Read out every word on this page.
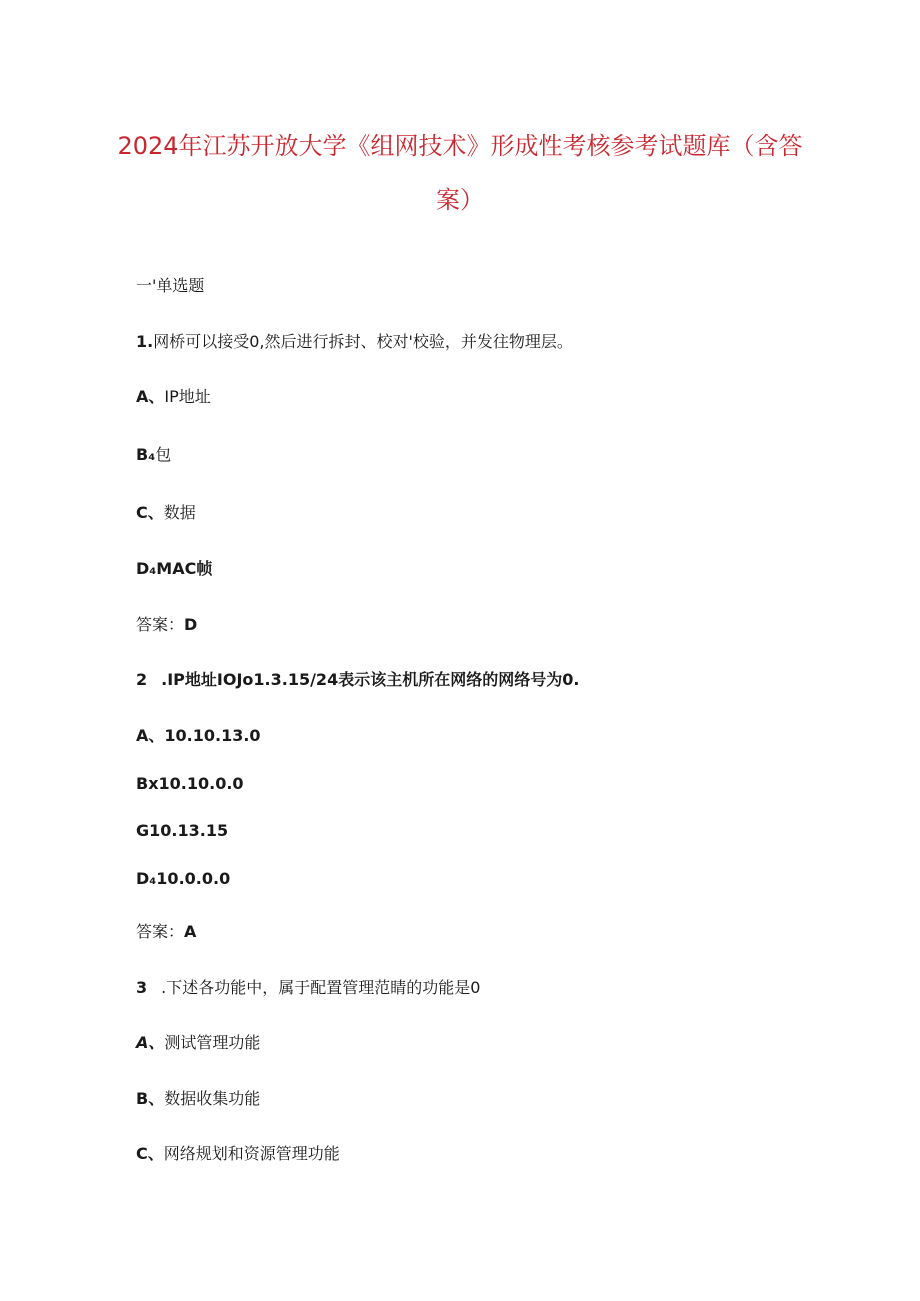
2024年江苏开放大学《组网技术》形成性考核参考试题库（含答
案）
一'单选题
1.网桥可以接受0,然后进行拆封、校对'校验，并发往物理层。
A、IP地址
B₄包
C、数据
D₄MAC帧
答案：D
2 .IP地址IOJo1.3.15/24表示该主机所在网络的网络号为0.
A、10.10.13.0
Bx10.10.0.0
G10.13.15
D₄10.0.0.0
答案：A
3 .下述各功能中，属于配置管理范睛的功能是0
A、测试管理功能
B、数据收集功能
C、网络规划和资源管理功能
